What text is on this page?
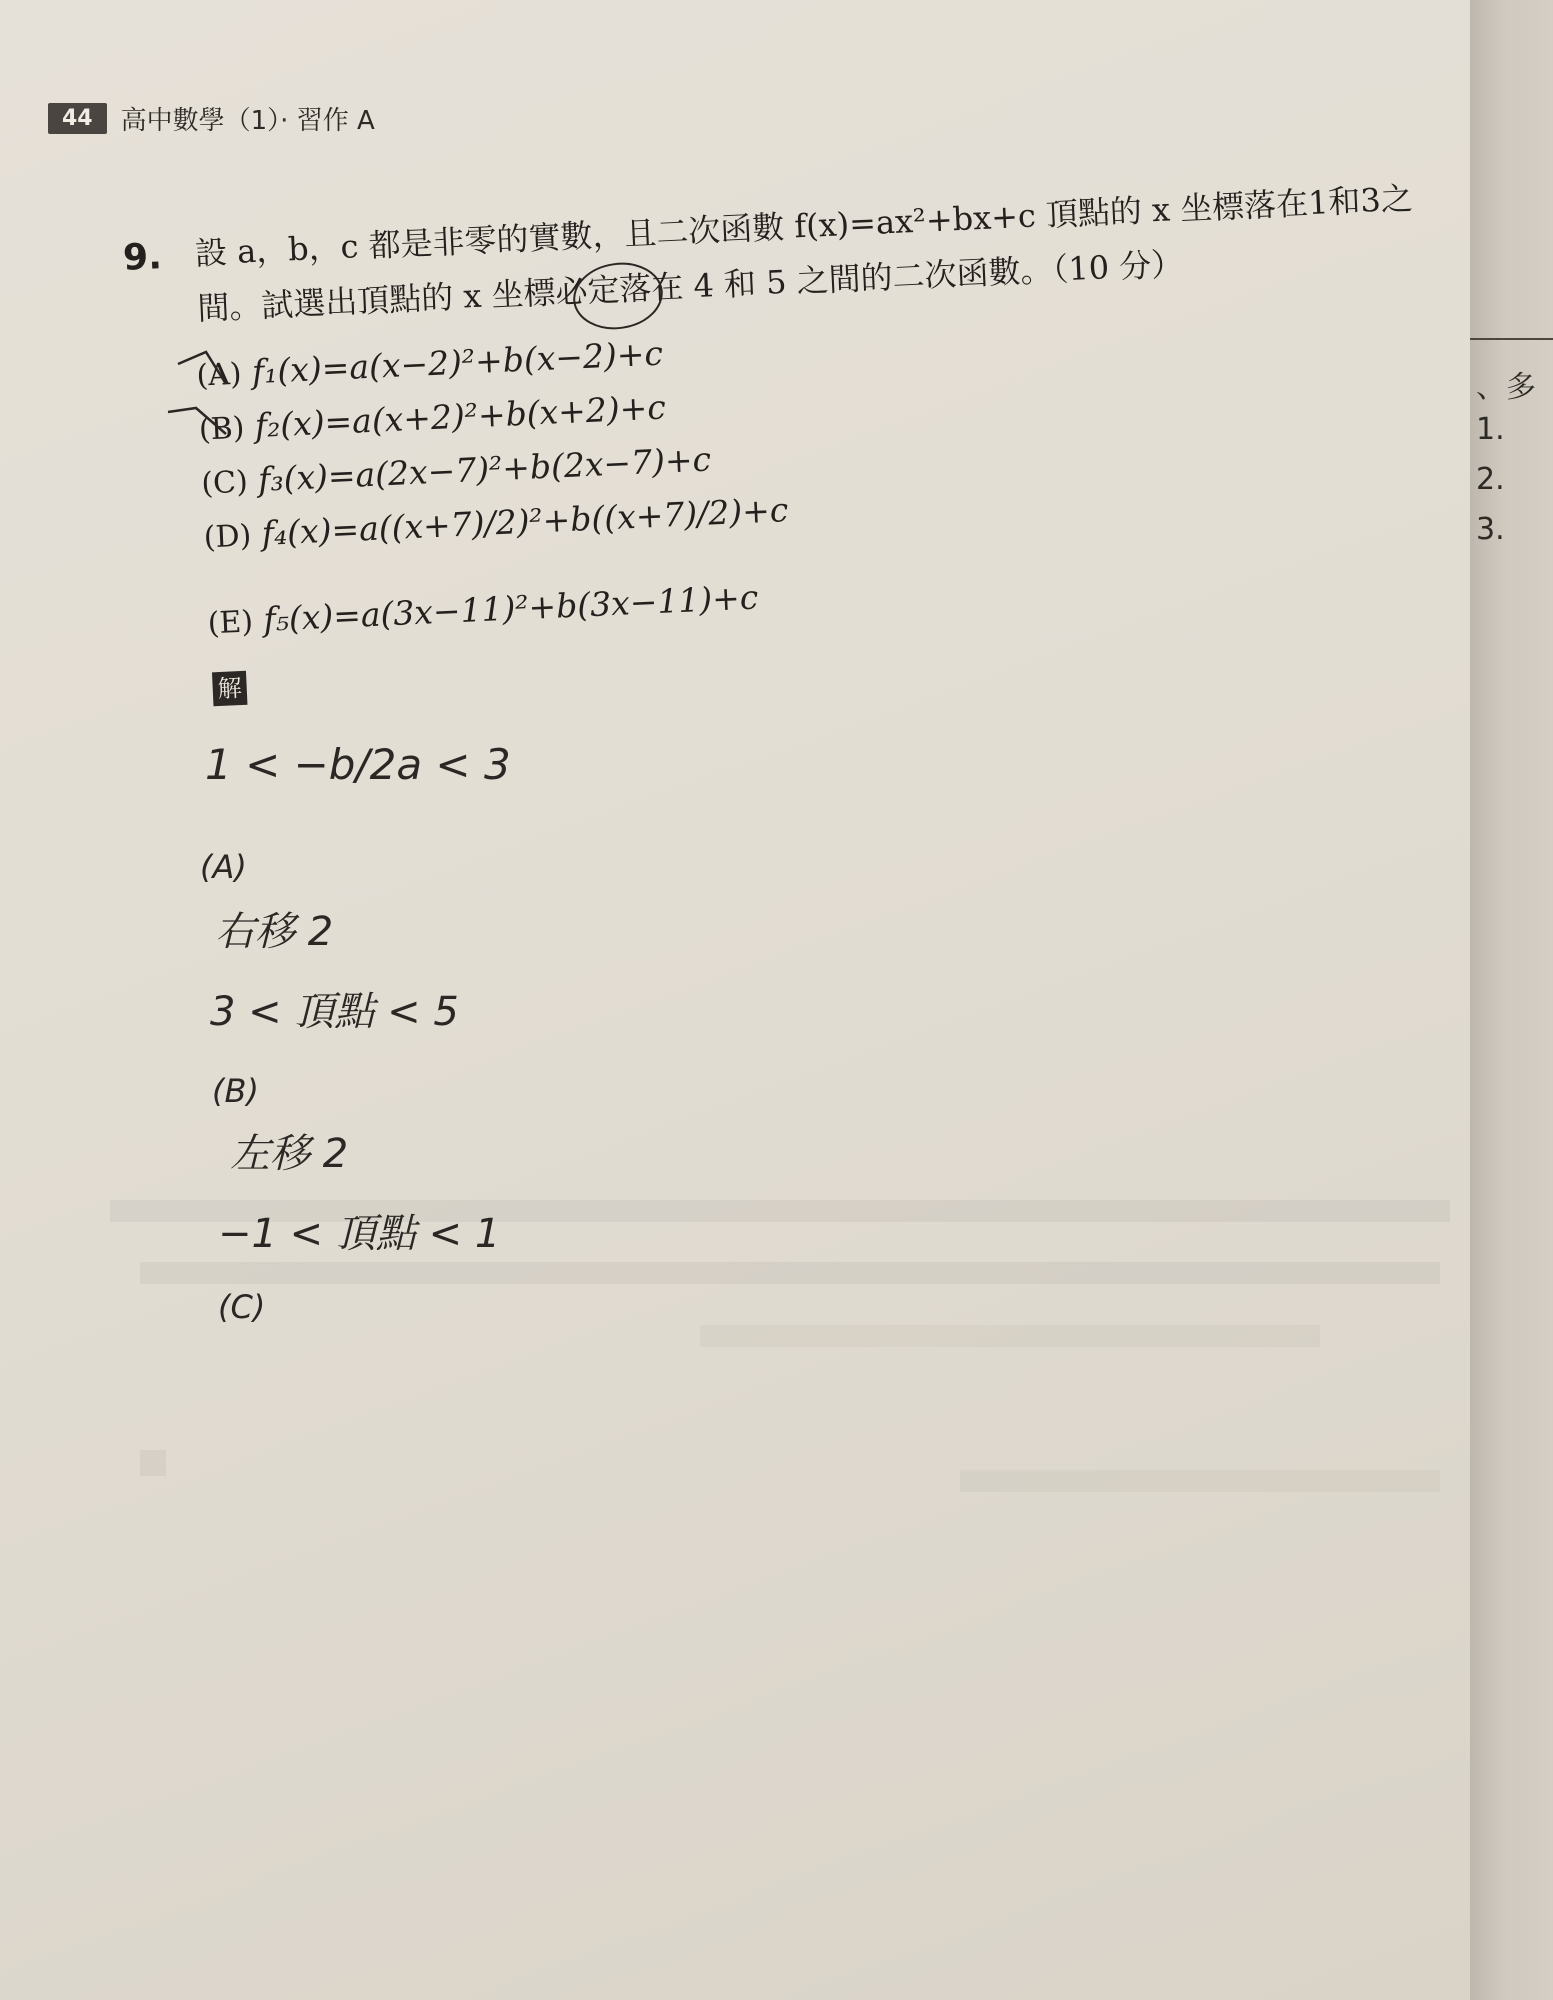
44	高中數學（1）· 習作 A
9. 設 a，b，c 都是非零的實數，且二次函數 f(x)=ax²+bx+c 頂點的 x 坐標落在1和3之間。試選出頂點的 x 坐標必定落在 4 和 5 之間的二次函數。（10 分）
(A) f₁(x)=a(x−2)²+b(x−2)+c
(B) f₂(x)=a(x+2)²+b(x+2)+c
(C) f₃(x)=a(2x−7)²+b(2x−7)+c
(D) f₄(x)=a((x+7)/2)²+b((x+7)/2)+c
(E) f₅(x)=a(3x−11)²+b(3x−11)+c
解
1 < −b/2a < 3
(A)
右移 2
3 < 頂點 < 5
(B)
左移 2
−1 < 頂點 < 1
(C)
、多
1.
2.
3.
